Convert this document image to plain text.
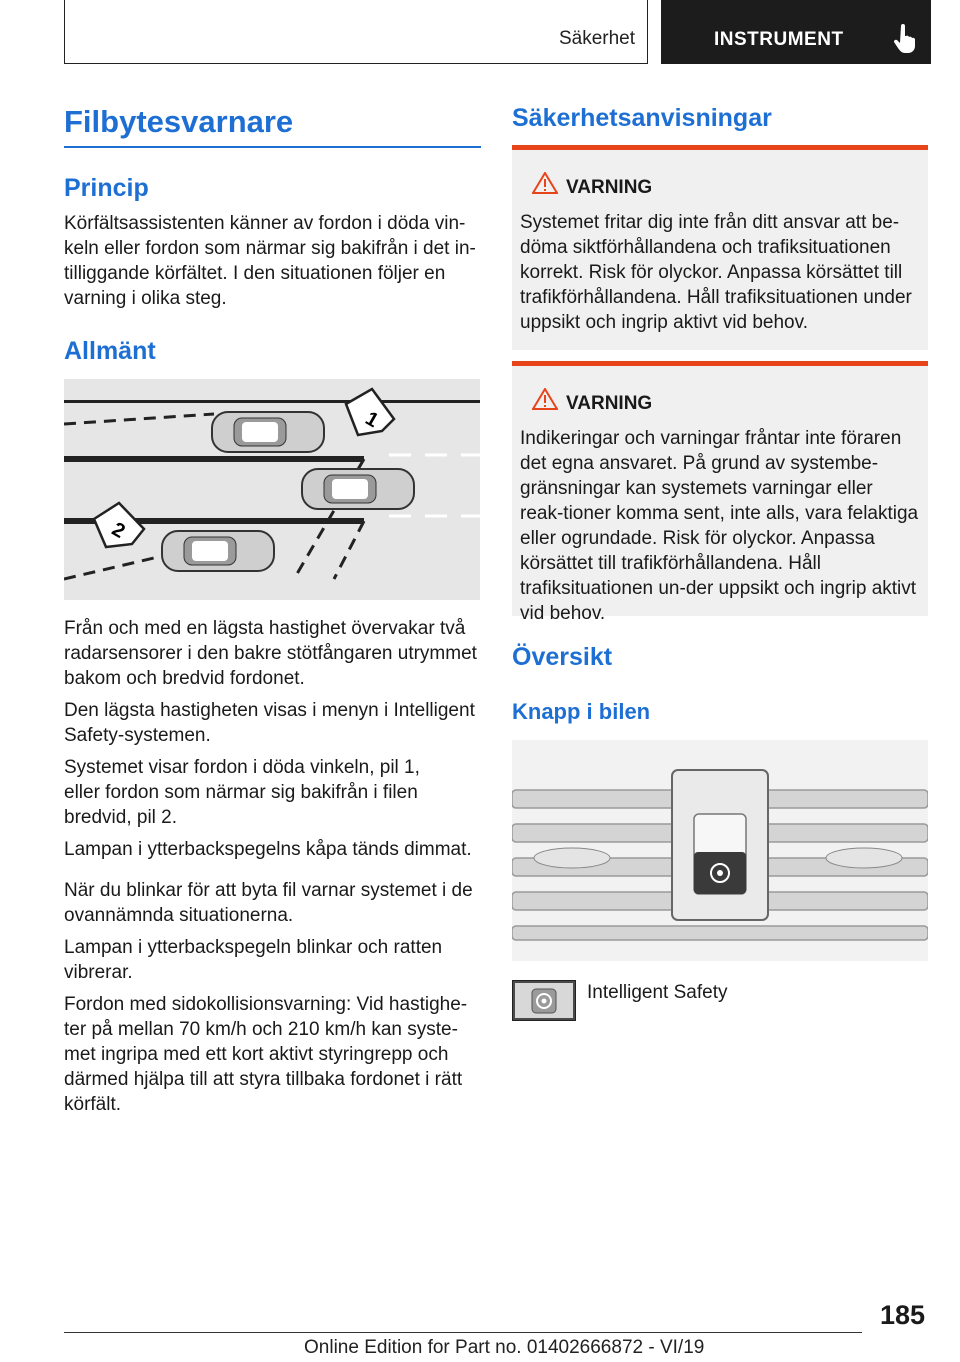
Säkerhet	INSTRUMENT
Filbytesvarnare
Princip

Körfältsassistenten känner av fordon i döda vin-keln eller fordon som närmar sig bakifrån i det in-tilliggande körfältet. I den situationen följer en varning i olika steg.

Allmänt
1
2

Från och med en lägsta hastighet övervakar två radarsensorer i den bakre stötfångaren utrymmet bakom och bredvid fordonet.

Den lägsta hastigheten visas i menyn i Intelligent Safety-systemen.

Systemet visar fordon i döda vinkeln, pil 1, eller fordon som närmar sig bakifrån i filen bredvid, pil 2.

Lampan i ytterbackspegelns kåpa tänds dimmat.

När du blinkar för att byta fil varnar systemet i de ovannämnda situationerna.

Lampan i ytterbackspegeln blinkar och ratten vibrerar.

Fordon med sidokollisionsvarning: Vid hastighe-ter på mellan 70 km/h och 210 km/h kan syste-met ingripa med ett kort aktivt styringrepp och därmed hjälpa till att styra tillbaka fordonet i rätt körfält.

Säkerhetsanvisningar
VARNING

Systemet fritar dig inte från ditt ansvar att be-döma siktförhållandena och trafiksituationen korrekt. Risk för olyckor. Anpassa körsättet till trafikförhållandena. Håll trafiksituationen under uppsikt och ingrip aktivt vid behov.

VARNING

Indikeringar och varningar fråntar inte föraren det egna ansvaret. På grund av systembe-gränsningar kan systemets varningar eller reak-tioner komma sent, inte alls, vara felaktiga eller ogrundade. Risk för olyckor. Anpassa körsättet till trafikförhållandena. Håll trafiksituationen un-der uppsikt och ingrip aktivt vid behov.

Översikt
Knapp i bilen

Intelligent Safety

185
Online Edition for Part no. 01402666872 - VI/19
